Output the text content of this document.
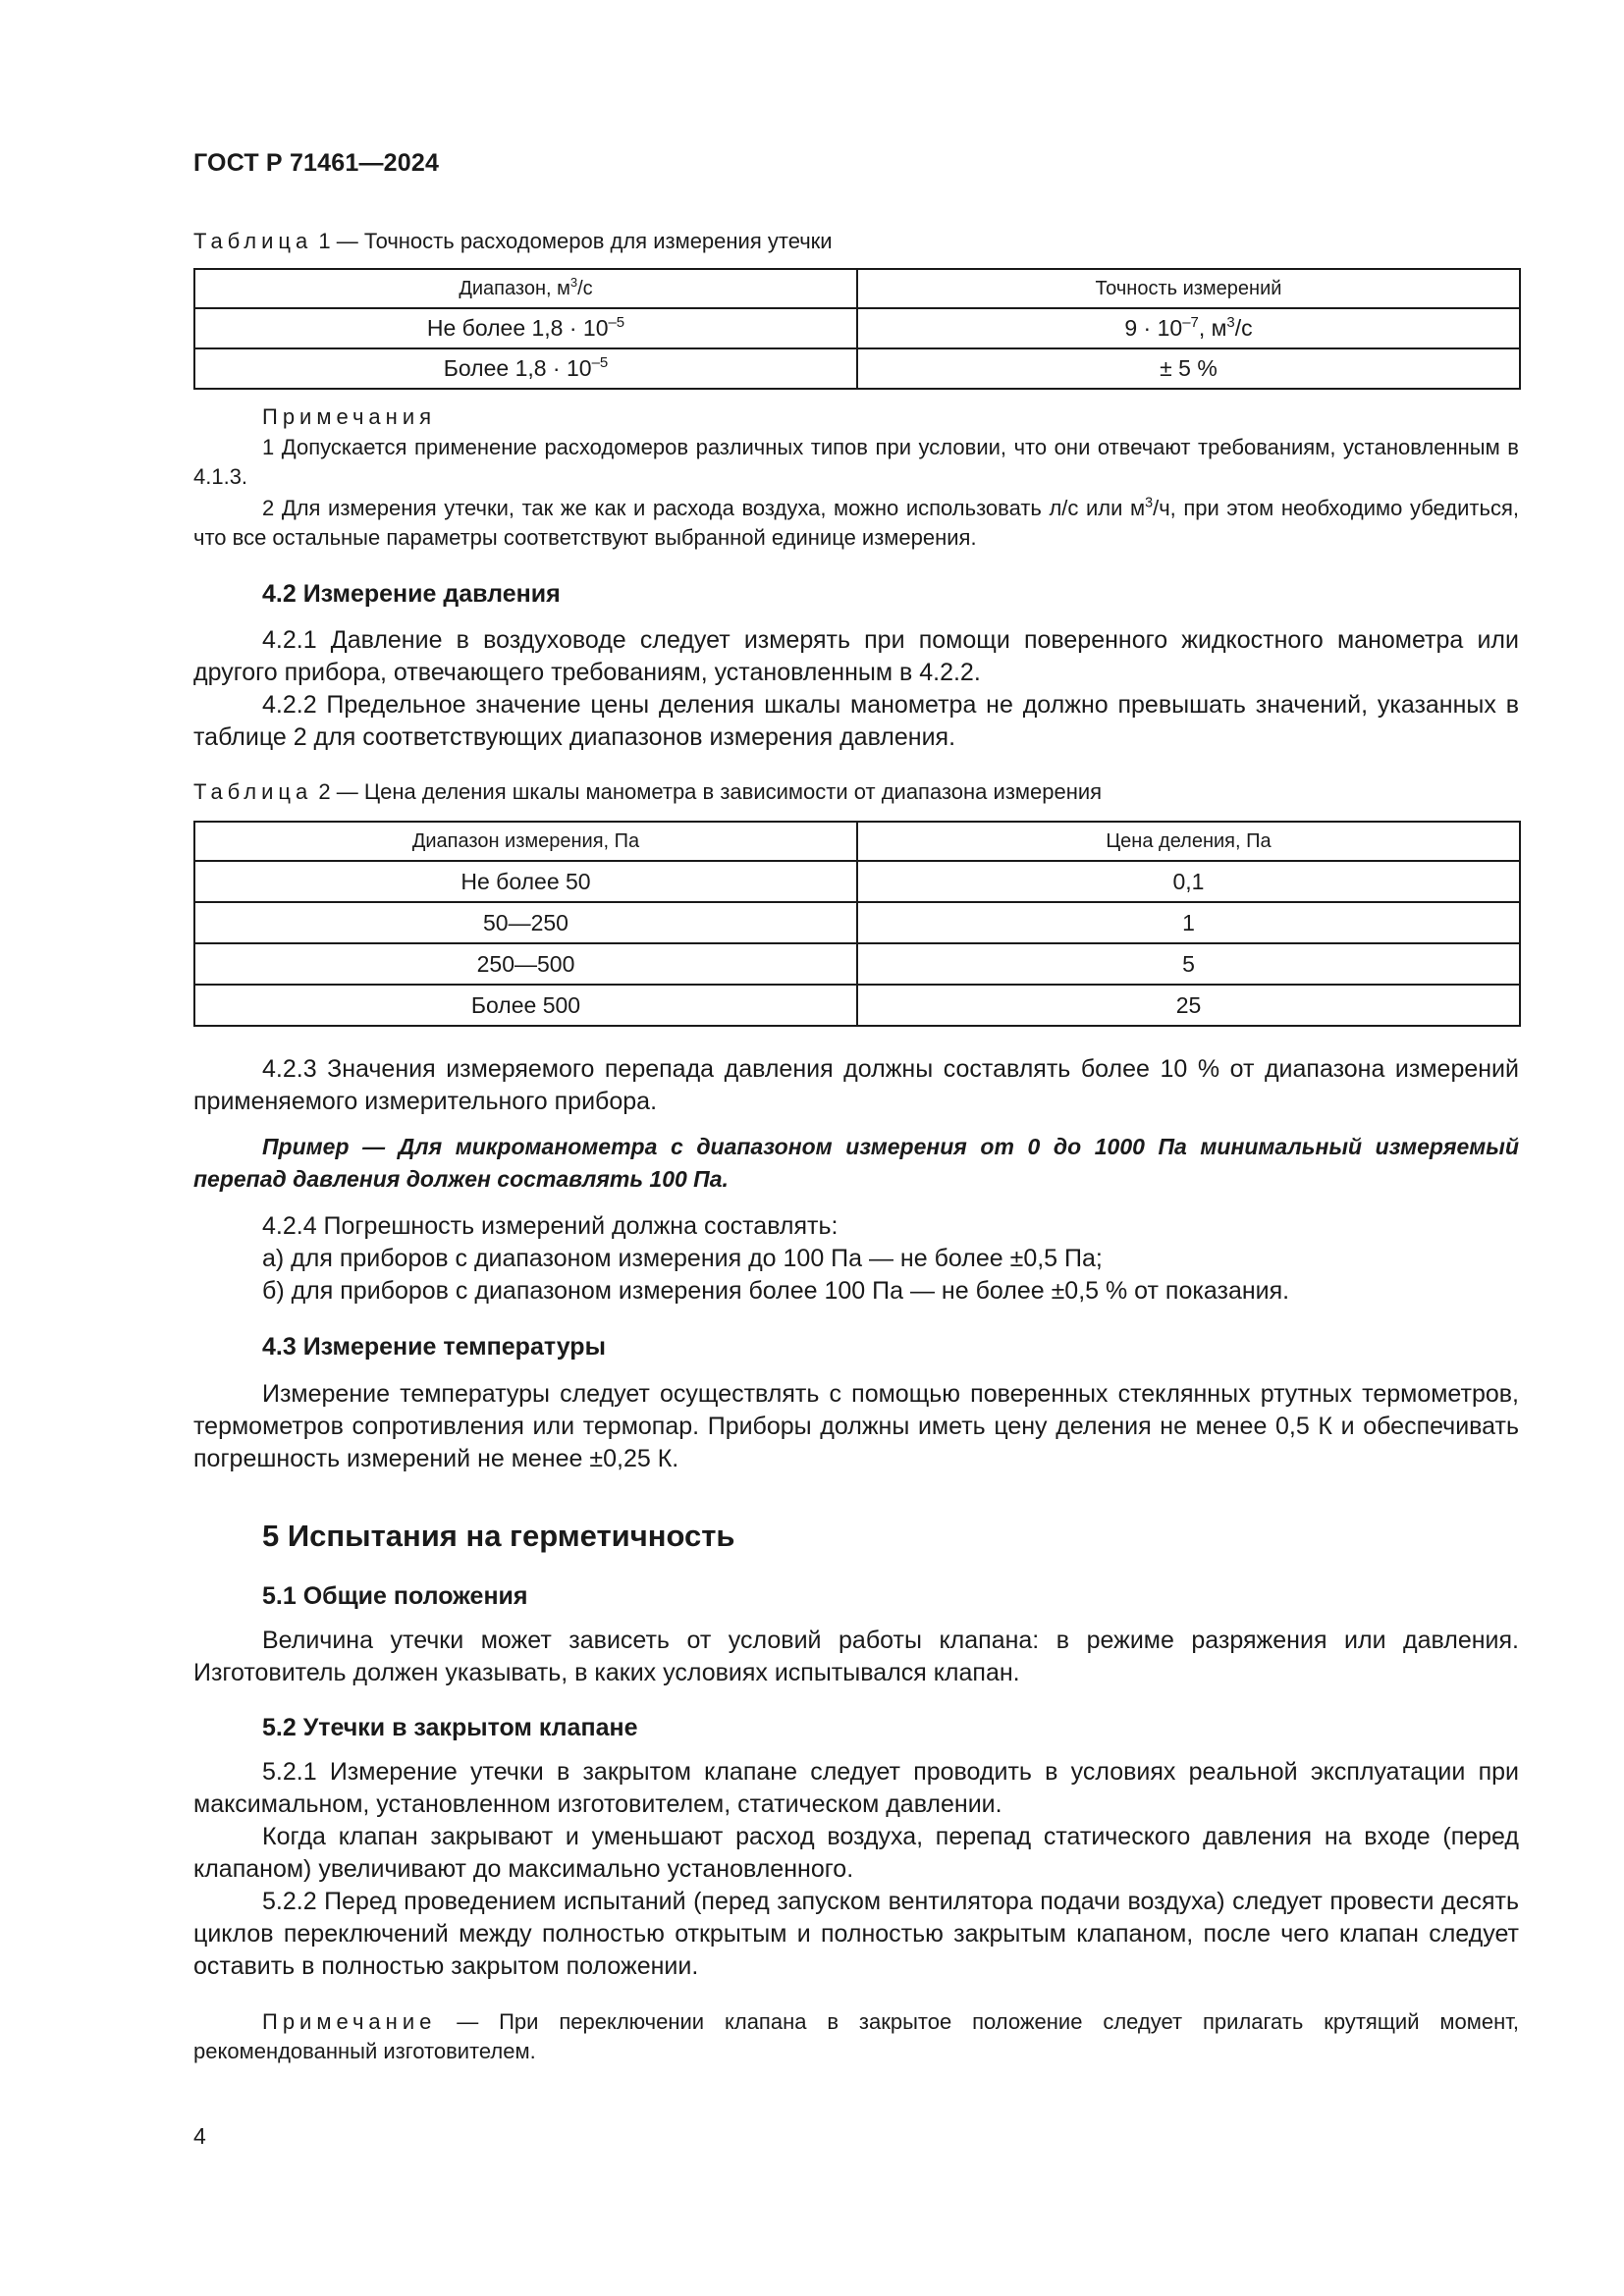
ГОСТ Р 71461—2024
Таблица 1 — Точность расходомеров для измерения утечки
Диапазон, $м^3/с$	Точность измерений
Не более $1,8 \cdot 10^{-5}$	$9 \cdot 10^{-7}$, $м^3/с$
Более $1,8 \cdot 10^{-5}$	± 5 %
Примечания
1 Допускается применение расходомеров различных типов при условии, что они отвечают требованиям, установленным в 4.1.3.
2 Для измерения утечки, так же как и расхода воздуха, можно использовать л/с или $м^3/ч$, при этом необходимо убедиться, что все остальные параметры соответствуют выбранной единице измерения.
4.2 Измерение давления
4.2.1 Давление в воздуховоде следует измерять при помощи поверенного жидкостного манометра или другого прибора, отвечающего требованиям, установленным в 4.2.2.
4.2.2 Предельное значение цены деления шкалы манометра не должно превышать значений, указанных в таблице 2 для соответствующих диапазонов измерения давления.
Таблица 2 — Цена деления шкалы манометра в зависимости от диапазона измерения
Диапазон измерения, Па	Цена деления, Па
Не более 50	0,1
50—250	1
250—500	5
Более 500	25
4.2.3 Значения измеряемого перепада давления должны составлять более 10 % от диапазона измерений применяемого измерительного прибора.
Пример — Для микроманометра с диапазоном измерения от 0 до 1000 Па минимальный измеряемый перепад давления должен составлять 100 Па.
4.2.4 Погрешность измерений должна составлять:
а) для приборов с диапазоном измерения до 100 Па — не более ±0,5 Па;
б) для приборов с диапазоном измерения более 100 Па — не более ±0,5 % от показания.
4.3 Измерение температуры
Измерение температуры следует осуществлять с помощью поверенных стеклянных ртутных термометров, термометров сопротивления или термопар. Приборы должны иметь цену деления не менее 0,5 К и обеспечивать погрешность измерений не менее ±0,25 К.
5 Испытания на герметичность
5.1 Общие положения
Величина утечки может зависеть от условий работы клапана: в режиме разряжения или давления. Изготовитель должен указывать, в каких условиях испытывался клапан.
5.2 Утечки в закрытом клапане
5.2.1 Измерение утечки в закрытом клапане следует проводить в условиях реальной эксплуатации при максимальном, установленном изготовителем, статическом давлении.
Когда клапан закрывают и уменьшают расход воздуха, перепад статического давления на входе (перед клапаном) увеличивают до максимально установленного.
5.2.2 Перед проведением испытаний (перед запуском вентилятора подачи воздуха) следует провести десять циклов переключений между полностью открытым и полностью закрытым клапаном, после чего клапан следует оставить в полностью закрытом положении.
Примечание — При переключении клапана в закрытое положение следует прилагать крутящий момент, рекомендованный изготовителем.
4
